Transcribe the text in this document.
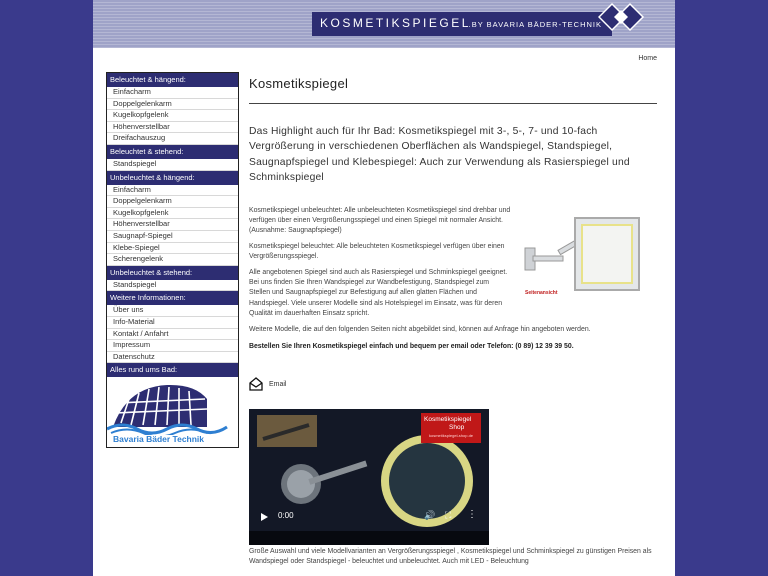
KOSMETIKSPIEGEL
...BY BAVARIA BÄDER-TECHNIK
Home
Beleuchtet & hängend:
Einfacharm
Doppelgelenkarm
Kugelkopfgelenk
Höhenverstellbar
Dreifachauszug
Beleuchtet & stehend:
Standspiegel
Unbeleuchtet & hängend:
Einfacharm
Doppelgelenkarm
Kugelkopfgelenk
Höhenverstellbar
Saugnapf-Spiegel
Klebe-Spiegel
Scherengelenk
Unbeleuchtet & stehend:
Standspiegel
Weitere Informationen:
Über uns
Info-Material
Kontakt / Anfahrt
Impressum
Datenschutz
Alles rund ums Bad:
Bavaria Bäder Technik
Kosmetikspiegel
Das Highlight auch für Ihr Bad: Kosmetikspiegel mit 3-, 5-, 7- und 10-fach Vergrößerung in verschiedenen Oberflächen als Wandspiegel, Standspiegel, Saugnapfspiegel und Klebespiegel: Auch zur Verwendung als Rasierspiegel und Schminkspiegel
Kosmetikspiegel unbeleuchtet: Alle unbeleuchteten Kosmetikspiegel sind drehbar und verfügen über einen Vergrößerungsspiegel und einen Spiegel mit normaler Ansicht. (Ausnahme: Saugnapfspiegel)
Kosmetikspiegel beleuchtet: Alle beleuchteten Kosmetikspiegel verfügen über einen Vergrößerungsspiegel.
Alle angebotenen Spiegel sind auch als Rasierspiegel und Schminkspiegel geeignet. Bei uns finden Sie Ihren Wandspiegel zur Wandbefestigung, Standspiegel zum Stellen und Saugnapfspiegel zur Befestigung auf allen glatten Flächen und Handspiegel. Viele unserer Modelle sind als Hotelspiegel im Einsatz, was für deren Qualität im dauerhaften Einsatz spricht.
Weitere Modelle, die auf den folgenden Seiten nicht abgebildet sind, können auf Anfrage hin angeboten werden.
Bestellen Sie Ihren Kosmetikspiegel einfach und bequem per email oder Telefon: (0 89) 12 39 39 50.
Seitenansicht
Email
Kosmetikspiegel
Shop
kosmetikspiegel-shop.de
0:00	🔊 ⛶ ⋮
Große Auswahl und viele Modellvarianten an Vergrößerungsspiegel , Kosmetikspiegel und Schminkspiegel zu günstigen Preisen als Wandspiegel oder Standspiegel - beleuchtet und unbeleuchtet. Auch mit LED - Beleuchtung
